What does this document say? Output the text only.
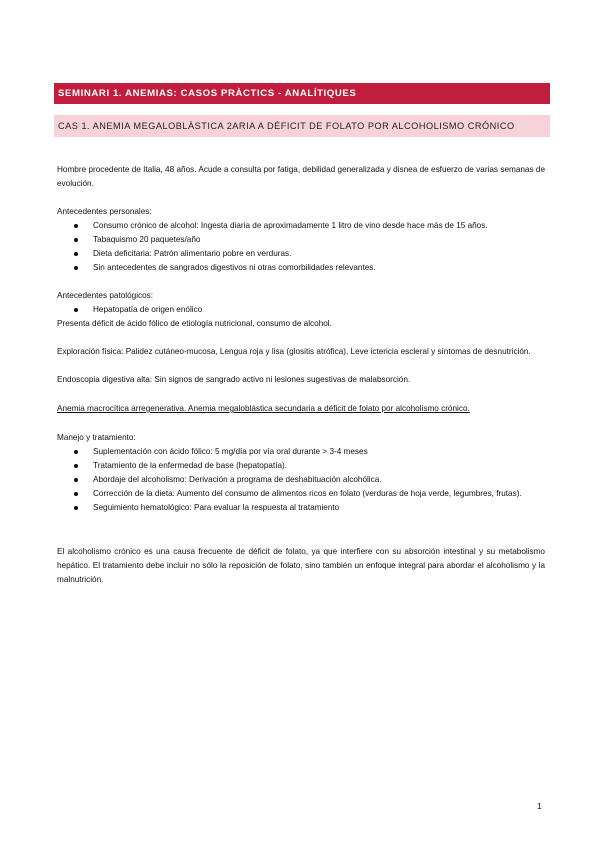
SEMINARI 1. ANEMIAS: CASOS PRÀCTICS - ANALÍTIQUES
CAS 1. ANEMIA MEGALOBLÀSTICA 2ARIA A DÉFICIT DE FOLATO POR ALCOHOLISMO CRÓNICO
Hombre procedente de Italia, 48 años. Acude a consulta por fatiga, debilidad generalizada y disnea de esfuerzo de varias semanas de evolución.

Antecedentes personales:

Consumo crónico de alcohol: Ingesta diaria de aproximadamente 1 litro de vino desde hace más de 15 años.
Tabaquismo 20 paquetes/año
Dieta deficitaria: Patrón alimentario pobre en verduras.
Sin antecedentes de sangrados digestivos ni otras comorbilidades relevantes.

Antecedentes patológicos:

Hepatopatía de origen enólico

Presenta déficit de ácido fólico de etiología nutricional, consumo de alcohol.

Exploración física: Palidez cutáneo-mucosa, Lengua roja y lisa (glositis atrófica), Leve ictericia escleral y síntomas de desnutrición.
Endoscopia digestiva alta: Sin signos de sangrado activo ni lesiones sugestivas de malabsorción.
Anemia macrocítica arregenerativa. Anemia megaloblástica secundaria a déficit de folato por alcoholismo crónico.

Manejo y tratamiento:

Suplementación con ácido fólico: 5 mg/día por vía oral durante > 3-4 meses
Tratamiento de la enfermedad de base (hepatopatía).
Abordaje del alcoholismo: Derivación a programa de deshabituación alcohólica.
Corrección de la dieta: Aumento del consumo de alimentos ricos en folato (verduras de hoja verde, legumbres, frutas).
Seguimiento hematológico: Para evaluar la respuesta al tratamiento
El alcoholismo crónico es una causa frecuente de déficit de folato, ya que interfiere con su absorción intestinal y su metabolismo hepático. El tratamiento debe incluir no sólo la reposición de folato, sino también un enfoque integral para abordar el alcoholismo y la malnutrición.
1
